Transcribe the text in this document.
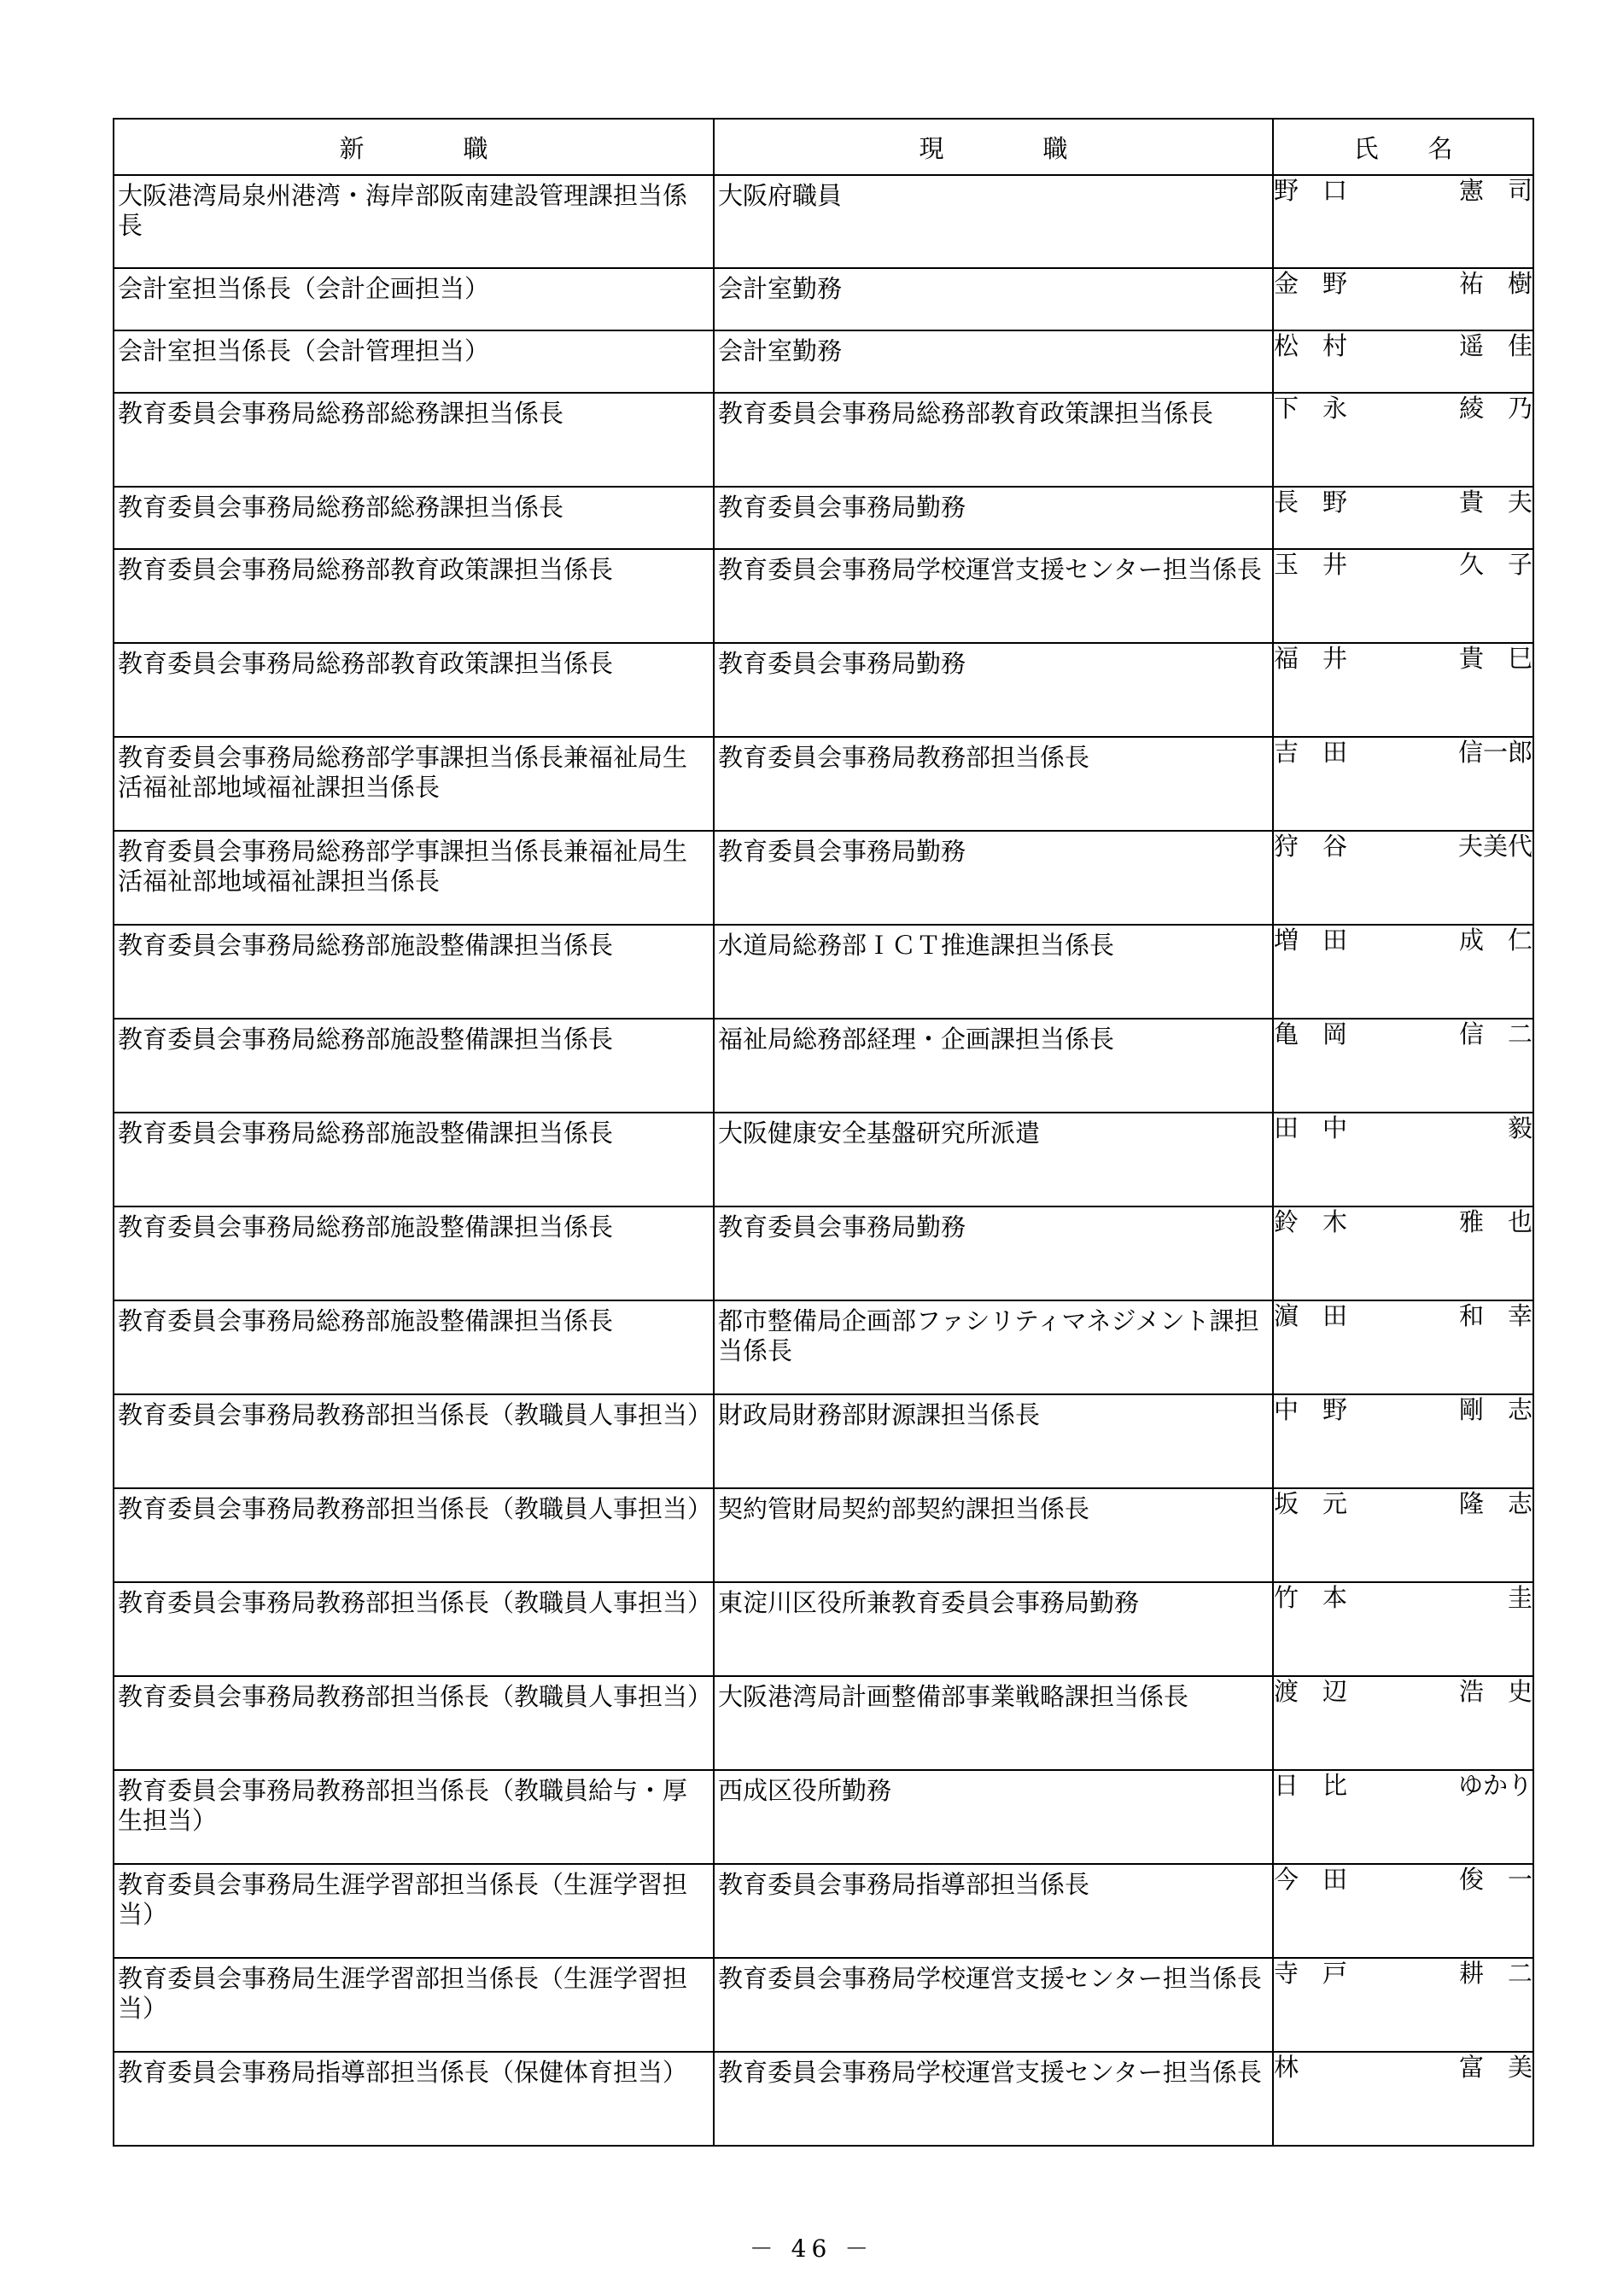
新　　　　職	現　　　　職	氏　　名

大阪港湾局泉州港湾・海岸部阪南建設管理課担当係長	大阪府職員	野 口 憲 司

会計室担当係長（会計企画担当）	会計室勤務	金 野 祐 樹

会計室担当係長（会計管理担当）	会計室勤務	松 村 遥 佳

教育委員会事務局総務部総務課担当係長	教育委員会事務局総務部教育政策課担当係長	下 永 綾 乃

教育委員会事務局総務部総務課担当係長	教育委員会事務局勤務	長 野 貴 夫

教育委員会事務局総務部教育政策課担当係長	教育委員会事務局学校運営支援センター担当係長	玉 井 久 子

教育委員会事務局総務部教育政策課担当係長	教育委員会事務局勤務	福 井 貴 巳

教育委員会事務局総務部学事課担当係長兼福祉局生活福祉部地域福祉課担当係長	教育委員会事務局教務部担当係長	吉 田 信一郎

教育委員会事務局総務部学事課担当係長兼福祉局生活福祉部地域福祉課担当係長	教育委員会事務局勤務	狩 谷 夫美代

教育委員会事務局総務部施設整備課担当係長	水道局総務部ＩＣＴ推進課担当係長	増 田 成 仁

教育委員会事務局総務部施設整備課担当係長	福祉局総務部経理・企画課担当係長	亀 岡 信 二

教育委員会事務局総務部施設整備課担当係長	大阪健康安全基盤研究所派遣	田 中 毅

教育委員会事務局総務部施設整備課担当係長	教育委員会事務局勤務	鈴 木 雅 也

教育委員会事務局総務部施設整備課担当係長	都市整備局企画部ファシリティマネジメント課担当係長	濵 田 和 幸

教育委員会事務局教務部担当係長（教職員人事担当）	財政局財務部財源課担当係長	中 野 剛 志

教育委員会事務局教務部担当係長（教職員人事担当）	契約管財局契約部契約課担当係長	坂 元 隆 志

教育委員会事務局教務部担当係長（教職員人事担当）	東淀川区役所兼教育委員会事務局勤務	竹 本 圭

教育委員会事務局教務部担当係長（教職員人事担当）	大阪港湾局計画整備部事業戦略課担当係長	渡 辺 浩 史

教育委員会事務局教務部担当係長（教職員給与・厚生担当）	西成区役所勤務	日 比 ゆかり

教育委員会事務局生涯学習部担当係長（生涯学習担当）	教育委員会事務局指導部担当係長	今 田 俊 一

教育委員会事務局生涯学習部担当係長（生涯学習担当）	教育委員会事務局学校運営支援センター担当係長	寺 戸 耕 二

教育委員会事務局指導部担当係長（保健体育担当）	教育委員会事務局学校運営支援センター担当係長	林 富 美
－ 46 －
